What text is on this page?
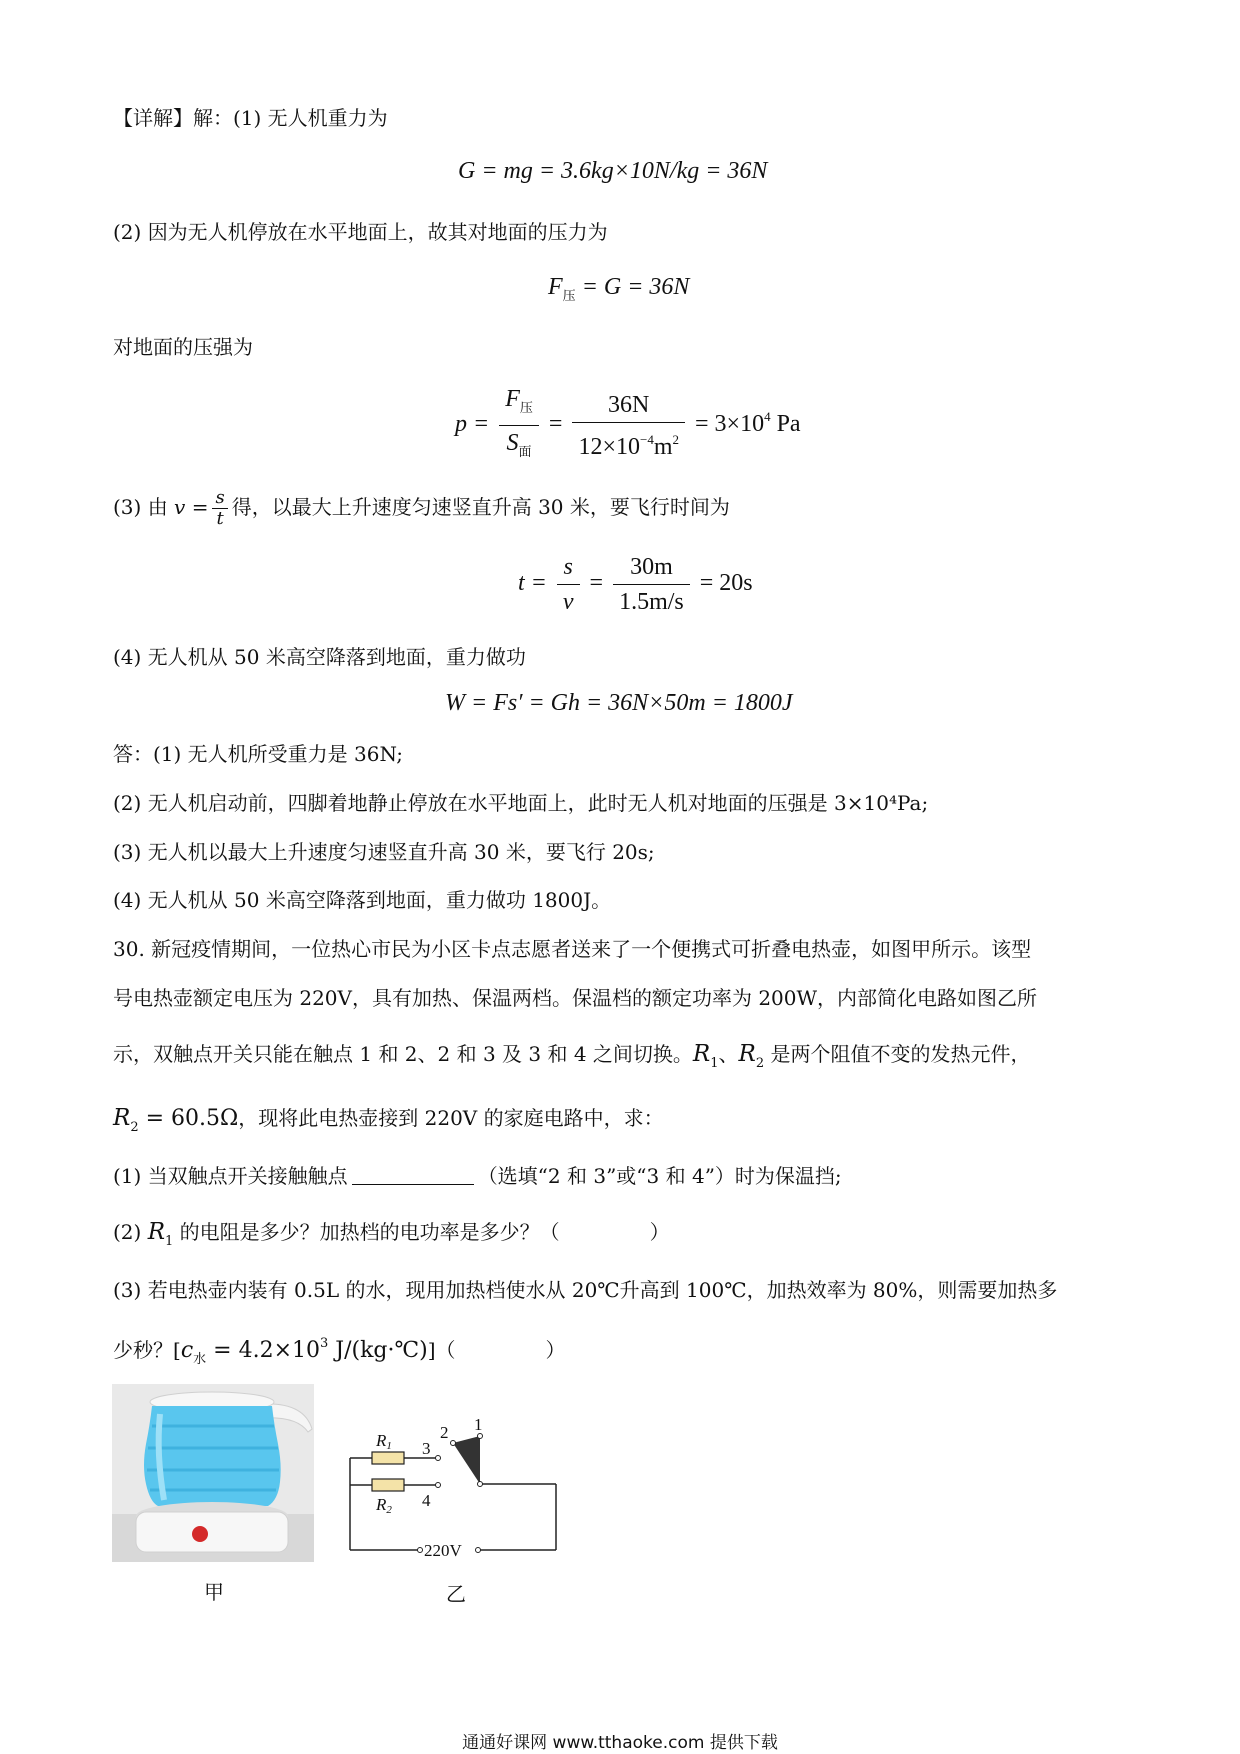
【详解】解：(1) 无人机重力为
G = mg = 3.6kg×10N/kg = 36N
(2) 因为无人机停放在水平地面上，故其对地面的压力为
$F_压 = G = 36N$
对地面的压强为
$p = \frac{F_压}{S_面} = \frac{36N}{12\times 10^{-4}m^2} = 3\times 10^4$ Pa
(3) 由 $v = \frac{s}{t}$ 得，以最大上升速度匀速竖直升高 30 米，要飞行时间为
$t = \frac{s}{v} = \frac{30m}{1.5m/s} = 20s$
(4) 无人机从 50 米高空降落到地面，重力做功
W = Fs′ = Gh = 36N×50m = 1800J
答：(1) 无人机所受重力是 36N;
(2) 无人机启动前，四脚着地静止停放在水平地面上，此时无人机对地面的压强是 3×10⁴Pa;
(3) 无人机以最大上升速度匀速竖直升高 30 米，要飞行 20s;
(4) 无人机从 50 米高空降落到地面，重力做功 1800J。
30. 新冠疫情期间，一位热心市民为小区卡点志愿者送来了一个便携式可折叠电热壶，如图甲所示。该型
号电热壶额定电压为 220V，具有加热、保温两档。保温档的额定功率为 200W，内部简化电路如图乙所
示，双触点开关只能在触点 1 和 2、2 和 3 及 3 和 4 之间切换。$R_1$、$R_2$ 是两个阻值不变的发热元件，
$R_2 = 60.5\Omega$，现将此电热壶接到 220V 的家庭电路中，求：
(1) 当双触点开关接触触点	（选填“2 和 3”或“3 和 4”）时为保温挡;
(2) $R_1$ 的电阻是多少？加热档的电功率是多少？（	）
(3) 若电热壶内装有 0.5L 的水，现用加热档使水从 20℃升高到 100℃，加热效率为 80%，则需要加热多
少秒？[$c_水 = 4.2\times 10^3$ J/(kg·℃)]（	）
甲
R1
R2
3
4
2 1
220V
乙
通通好课网 www.tthaoke.com 提供下载
